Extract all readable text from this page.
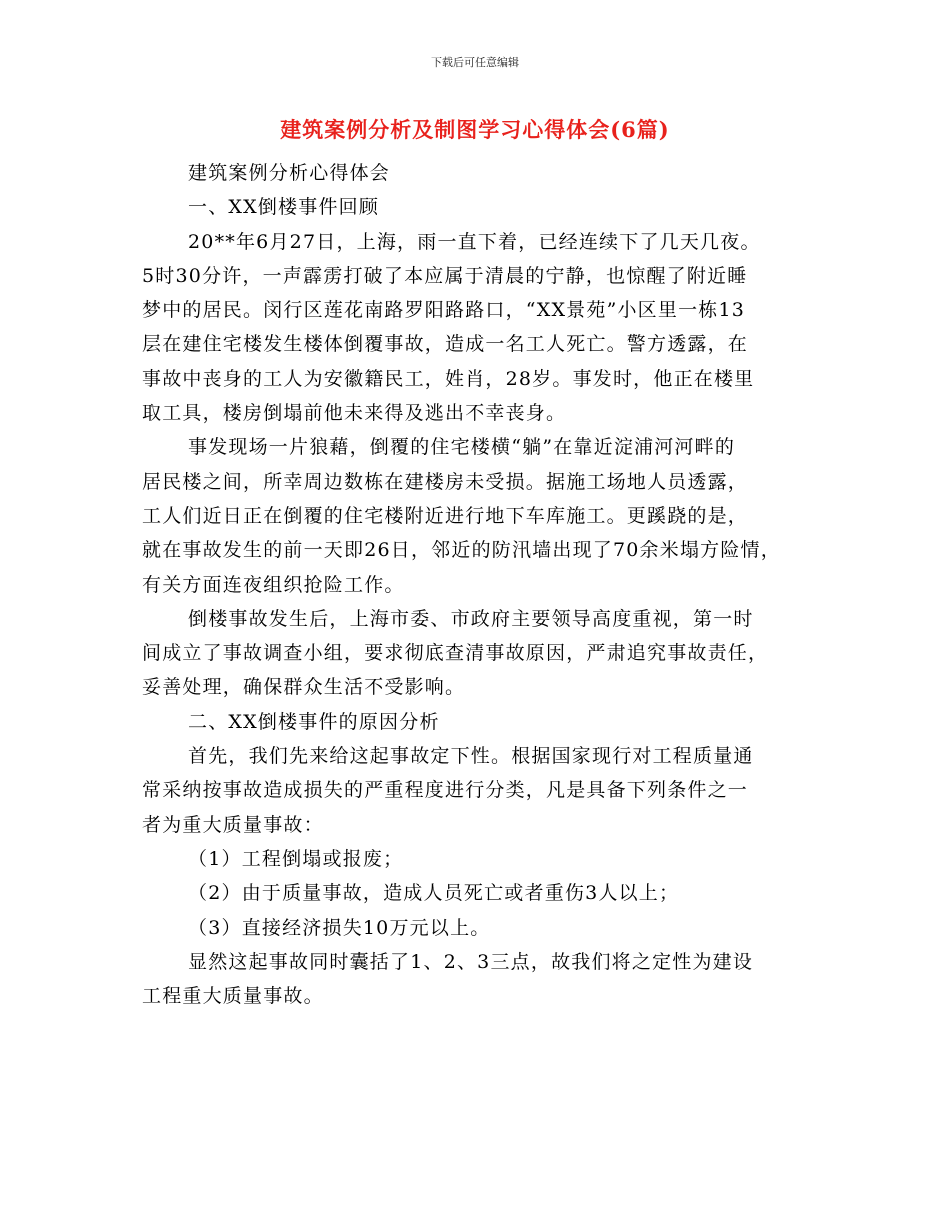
下载后可任意编辑
建筑案例分析及制图学习心得体会(6篇)
建筑案例分析心得体会
一、XX倒楼事件回顾
20**年6月27日，上海，雨一直下着，已经连续下了几天几夜。
5时30分许，一声霹雳打破了本应属于清晨的宁静，也惊醒了附近睡
梦中的居民。闵行区莲花南路罗阳路路口，“XX景苑”小区里一栋13
层在建住宅楼发生楼体倒覆事故，造成一名工人死亡。警方透露，在
事故中丧身的工人为安徽籍民工，姓肖，28岁。事发时，他正在楼里
取工具，楼房倒塌前他未来得及逃出不幸丧身。
事发现场一片狼藉，倒覆的住宅楼横“躺”在靠近淀浦河河畔的
居民楼之间，所幸周边数栋在建楼房未受损。据施工场地人员透露，
工人们近日正在倒覆的住宅楼附近进行地下车库施工。更蹊跷的是，
就在事故发生的前一天即26日，邻近的防汛墙出现了70余米塌方险情，
有关方面连夜组织抢险工作。
倒楼事故发生后，上海市委、市政府主要领导高度重视，第一时
间成立了事故调查小组，要求彻底查清事故原因，严肃追究事故责任，
妥善处理，确保群众生活不受影响。
二、XX倒楼事件的原因分析
首先，我们先来给这起事故定下性。根据国家现行对工程质量通
常采纳按事故造成损失的严重程度进行分类，凡是具备下列条件之一
者为重大质量事故：
（1）工程倒塌或报废；
（2）由于质量事故，造成人员死亡或者重伤3人以上；
（3）直接经济损失10万元以上。
显然这起事故同时囊括了1、2、3三点，故我们将之定性为建设
工程重大质量事故。
